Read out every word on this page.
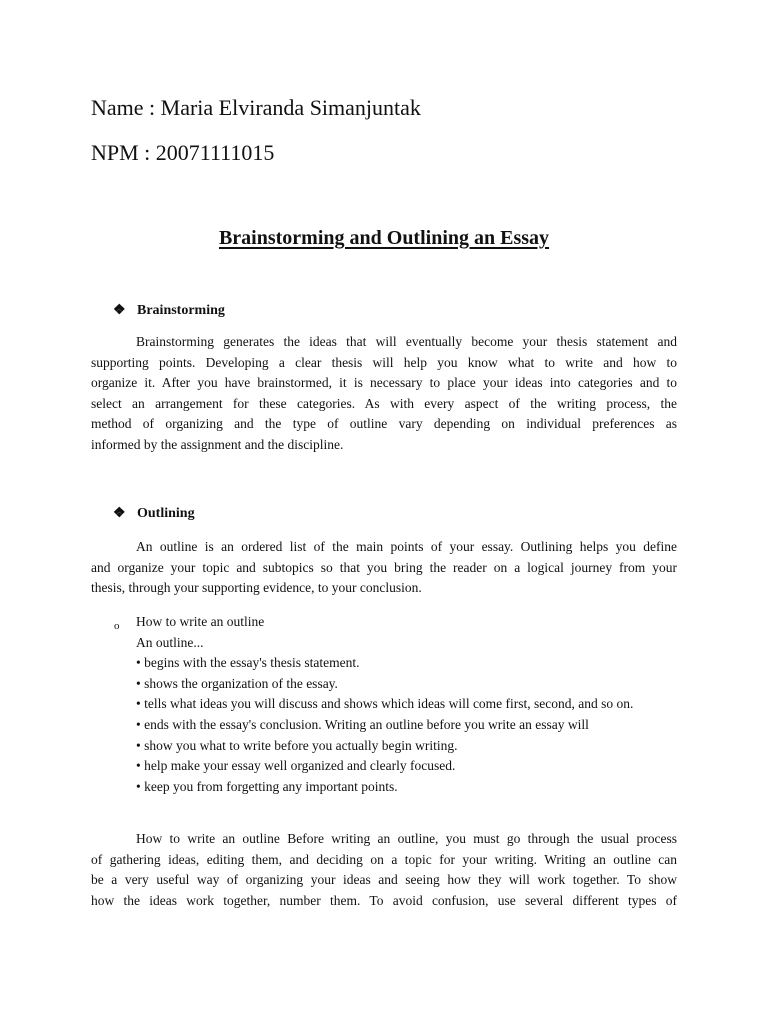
Name : Maria Elviranda Simanjuntak
NPM : 20071111015
Brainstorming and Outlining an Essay
❖ Brainstorming
Brainstorming generates the ideas that will eventually become your thesis statement and
supporting points. Developing a clear thesis will help you know what to write and how to
organize it. After you have brainstormed, it is necessary to place your ideas into categories and to
select an arrangement for these categories. As with every aspect of the writing process, the
method of organizing and the type of outline vary depending on individual preferences as
informed by the assignment and the discipline.
❖ Outlining
An outline is an ordered list of the main points of your essay. Outlining helps you define
and organize your topic and subtopics so that you bring the reader on a logical journey from your
thesis, through your supporting evidence, to your conclusion.
o How to write an outline
An outline...
• begins with the essay's thesis statement.
• shows the organization of the essay.
• tells what ideas you will discuss and shows which ideas will come first, second, and so on.
• ends with the essay's conclusion. Writing an outline before you write an essay will
• show you what to write before you actually begin writing.
• help make your essay well organized and clearly focused.
• keep you from forgetting any important points.
How to write an outline Before writing an outline, you must go through the usual process
of gathering ideas, editing them, and deciding on a topic for your writing. Writing an outline can
be a very useful way of organizing your ideas and seeing how they will work together. To show
how the ideas work together, number them. To avoid confusion, use several different types of
